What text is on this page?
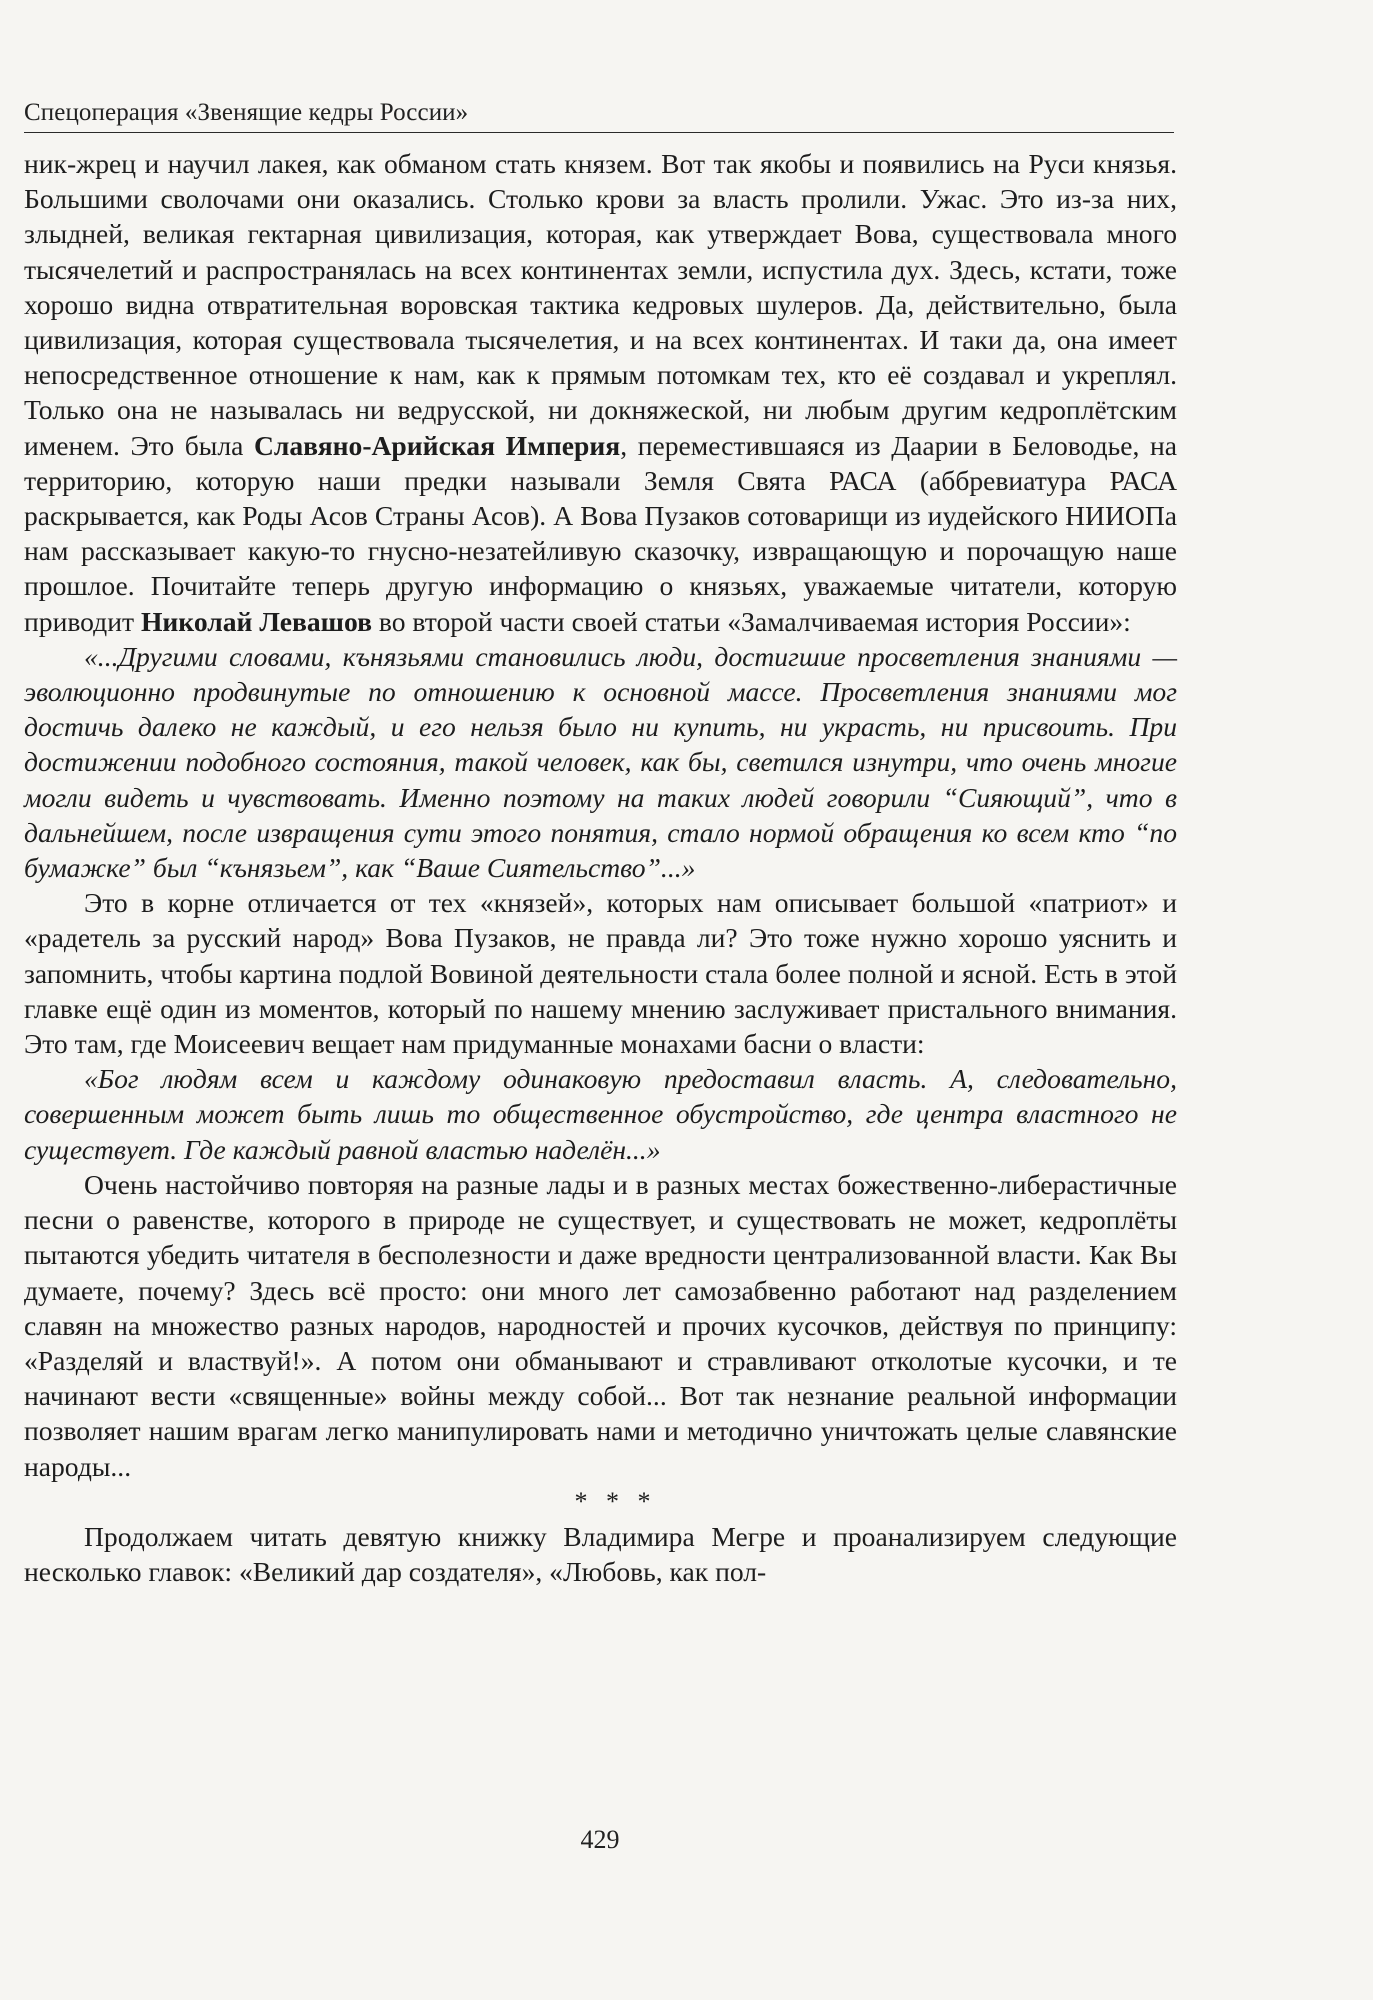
Спецоперация «Звенящие кедры России»

ник-жрец и научил лакея, как обманом стать князем. Вот так якобы и появились на Руси князья. Большими сволочами они оказались. Столько крови за власть пролили. Ужас. Это из-за них, злыдней, великая гектарная цивилизация, которая, как утверждает Вова, существовала много тысячелетий и распространялась на всех континентах земли, испустила дух. Здесь, кстати, тоже хорошо видна отвратительная воровская тактика кедровых шулеров. Да, действительно, была цивилизация, которая существовала тысячелетия, и на всех континентах. И таки да, она имеет непосредственное отношение к нам, как к прямым потомкам тех, кто её создавал и укреплял. Только она не называлась ни ведрусской, ни докняжеской, ни любым другим кедроплётским именем. Это была Славяно-Арийская Империя, переместившаяся из Даарии в Беловодье, на территорию, которую наши предки называли Земля Свята РАСА (аббревиатура РАСА раскрывается, как Роды Асов Страны Асов). А Вова Пузаков сотоварищи из иудейского НИИОПа нам рассказывает какую-то гнусно-незатейливую сказочку, извращающую и порочащую наше прошлое. Почитайте теперь другую информацию о князьях, уважаемые читатели, которую приводит Николай Левашов во второй части своей статьи «Замалчиваемая история России»:

«...Другими словами, кънязьями становились люди, достигшие просветления знаниями — эволюционно продвинутые по отношению к основной массе. Просветления знаниями мог достичь далеко не каждый, и его нельзя было ни купить, ни украсть, ни присвоить. При достижении подобного состояния, такой человек, как бы, светился изнутри, что очень многие могли видеть и чувствовать. Именно поэтому на таких людей говорили “Сияющий”, что в дальнейшем, после извращения сути этого понятия, стало нормой обращения ко всем кто “по бумажке” был “кънязьем”, как “Ваше Сиятельство”...»

Это в корне отличается от тех «князей», которых нам описывает большой «патриот» и «радетель за русский народ» Вова Пузаков, не правда ли? Это тоже нужно хорошо уяснить и запомнить, чтобы картина подлой Вовиной деятельности стала более полной и ясной. Есть в этой главке ещё один из моментов, который по нашему мнению заслуживает пристального внимания. Это там, где Моисеевич вещает нам придуманные монахами басни о власти:

«Бог людям всем и каждому одинаковую предоставил власть. А, следовательно, совершенным может быть лишь то общественное обустройство, где центра властного не существует. Где каждый равной властью наделён...»

Очень настойчиво повторяя на разные лады и в разных местах божественно-либерастичные песни о равенстве, которого в природе не существует, и существовать не может, кедроплёты пытаются убедить читателя в бесполезности и даже вредности централизованной власти. Как Вы думаете, почему? Здесь всё просто: они много лет самозабвенно работают над разделением славян на множество разных народов, народностей и прочих кусочков, действуя по принципу: «Разделяй и властвуй!». А потом они обманывают и стравливают отколотые кусочки, и те начинают вести «священные» войны между собой... Вот так незнание реальной информации позволяет нашим врагам легко манипулировать нами и методично уничтожать целые славянские народы...

* * *

Продолжаем читать девятую книжку Владимира Мегре и проанализируем следующие несколько главок: «Великий дар создателя», «Любовь, как пол-

429
